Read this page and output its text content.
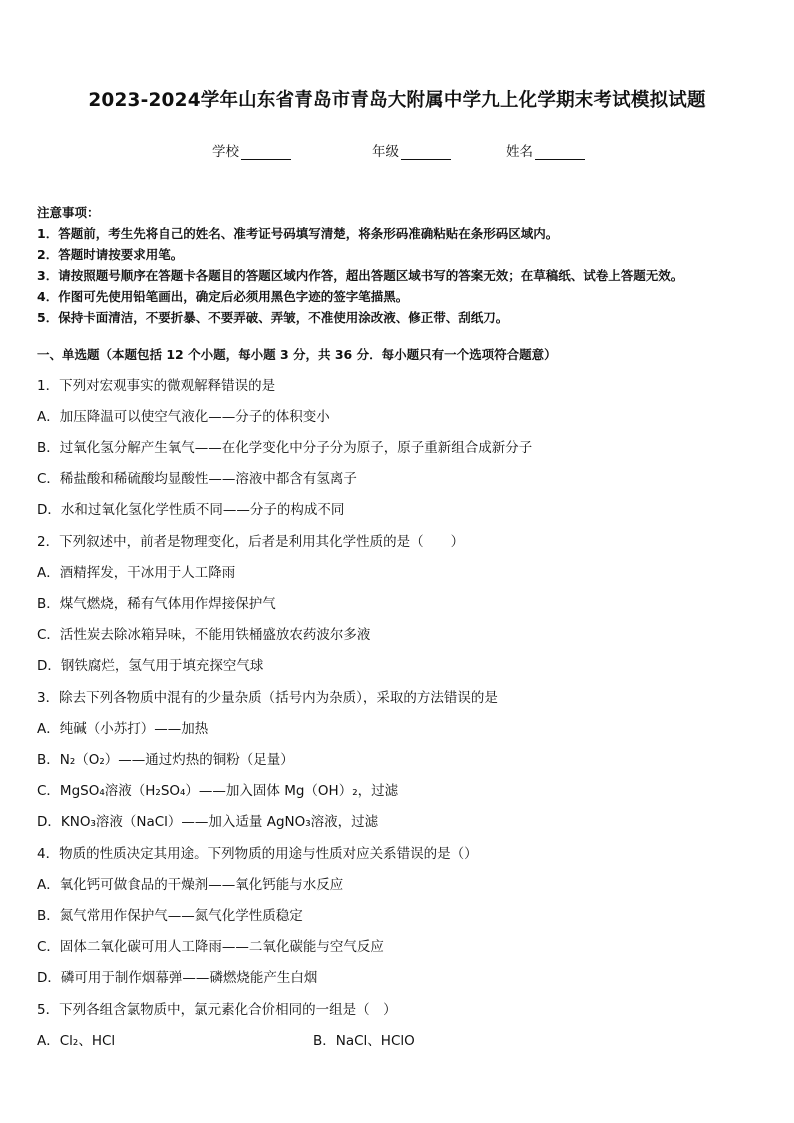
2023-2024学年山东省青岛市青岛大附属中学九上化学期末考试模拟试题
学校	年级	姓名
注意事项：
1．答题前，考生先将自己的姓名、准考证号码填写清楚，将条形码准确粘贴在条形码区域内。
2．答题时请按要求用笔。
3．请按照题号顺序在答题卡各题目的答题区域内作答，超出答题区域书写的答案无效；在草稿纸、试卷上答题无效。
4．作图可先使用铅笔画出，确定后必须用黑色字迹的签字笔描黑。
5．保持卡面清洁，不要折暴、不要弄破、弄皱，不准使用涂改液、修正带、刮纸刀。
一、单选题（本题包括 12 个小题，每小题 3 分，共 36 分．每小题只有一个选项符合题意）
1．下列对宏观事实的微观解释错误的是
A．加压降温可以使空气液化——分子的体积变小
B．过氧化氢分解产生氧气——在化学变化中分子分为原子，原子重新组合成新分子
C．稀盐酸和稀硫酸均显酸性——溶液中都含有氢离子
D．水和过氧化氢化学性质不同——分子的构成不同
2．下列叙述中，前者是物理变化，后者是利用其化学性质的是（　　）
A．酒精挥发，干冰用于人工降雨
B．煤气燃烧，稀有气体用作焊接保护气
C．活性炭去除冰箱异味，不能用铁桶盛放农药波尔多液
D．钢铁腐烂，氢气用于填充探空气球
3．除去下列各物质中混有的少量杂质（括号内为杂质），采取的方法错误的是
A．纯碱（小苏打）——加热
B．N₂（O₂）——通过灼热的铜粉（足量）
C．MgSO₄溶液（H₂SO₄）——加入固体 Mg（OH）₂，过滤
D．KNO₃溶液（NaCl）——加入适量 AgNO₃溶液，过滤
4．物质的性质决定其用途。下列物质的用途与性质对应关系错误的是（）
A．氧化钙可做食品的干燥剂——氧化钙能与水反应
B．氮气常用作保护气——氮气化学性质稳定
C．固体二氧化碳可用人工降雨——二氧化碳能与空气反应
D．磷可用于制作烟幕弹——磷燃烧能产生白烟
5．下列各组含氯物质中，氯元素化合价相同的一组是（　）
A．Cl₂、HCl	B．NaCl、HClO
